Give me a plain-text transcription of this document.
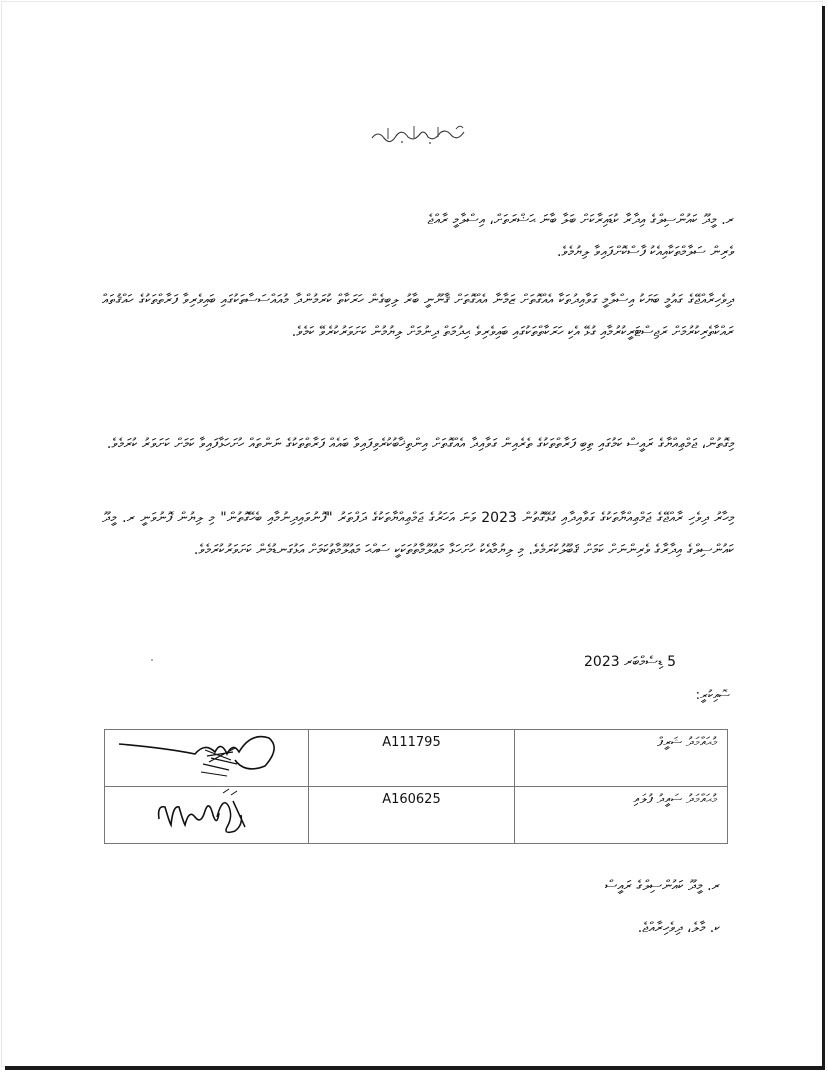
ރ. މީދޫ ކައުންސިލްގެ އިދާރާ ކުޑައިރާކަށް ބަލާ ބާނަ ޙަޟްރަތަށް، އިސްލާމީ ރާއްޖެ
ވެރިން ސަލާމްތަކާއިއެކު ފާސްކޮށްފައިވާ ލިޔުމެވެ.
ދިވެހިރާއްޖޭގެ ގައުމީ ބަޔަކު އިސްލާމީ ގަވާއިދުތަކާ އެއްގޮތަށް ޒަމާނާ އެއްގޮތަށް ޤާނޫނީ ބާރު ލިބިގެން ހަރަކާތް ކުރަމުންދާ މުއައްސަސާތަކުގައި ބައިވެރިވާ ފަރާތްތަކުގެ ހައްޤުތައް ރައްކާތެރިކުރުމަށް ރަޖިސްޓަރީކުރުމާއި ގުޅޭ އެކި ހަރަކާތްތަކުގައި ބައިވެރިވެ ޙިދުމަތް ދިނުމަށް ލިޔުމުން ކަށަވަރުކުރެވޭ ކަމެވެ.
މިގޮތުން، ޖަމްޢިއްޔާގެ ރައީސް ކަމުގައި ތިބި ފަރާތްތަކުގެ ތެރެއިން ގަވާއިދާ އެއްގޮތަށް އިންތިޚާބުކުރެވިފައިވާ ބައެއް ފަރާތްތަކުގެ ނަންތައް ހުށަހަޅާފައިވާ ކަމަށް ކަށަވަރު ކުރަމެވެ.
މިހާރު ދިވެހި ރާއްޖޭގެ ޖަމްޢިއްޔާތަކުގެ ގަވާއިދާއި ގުޅޭގޮތުން 2023 ވަނަ އަހަރުގެ ޖަމްޢިއްޔާތަކުގެ ދަފްތަރު "ފޮނުވައިދިނުމާއި ބެހޭގޮތުން" މި ލިޔުން ފޮނުވަނީ ރ. މީދޫ ކައުންސިލްގެ އިދާރާގެ ވެރިންނަށް ކަމަށް ޤަބޫލުކުރަމެވެ. މި ލިޔުމާއެކު ހުށަހަޅާ މަޢުލޫމާތުތަކަކީ ސައްޙަ މަޢުލޫމާތުކަމަށް އަޅުގަނޑުމެން ކަށަވަރުކުރަމެވެ.
5 ޑިސެމްބަރ 2023
ސޮއިކުރީ:
	A111795	މުޙައްމަދު ޝަރީފް

	A160625	މުޙައްމަދު ސައީދު ފުލައި
ރ. މީދޫ ކައުންސިލްގެ ރައީސް
ކ. މާލެ، ދިވެހިރާއްޖެ.
